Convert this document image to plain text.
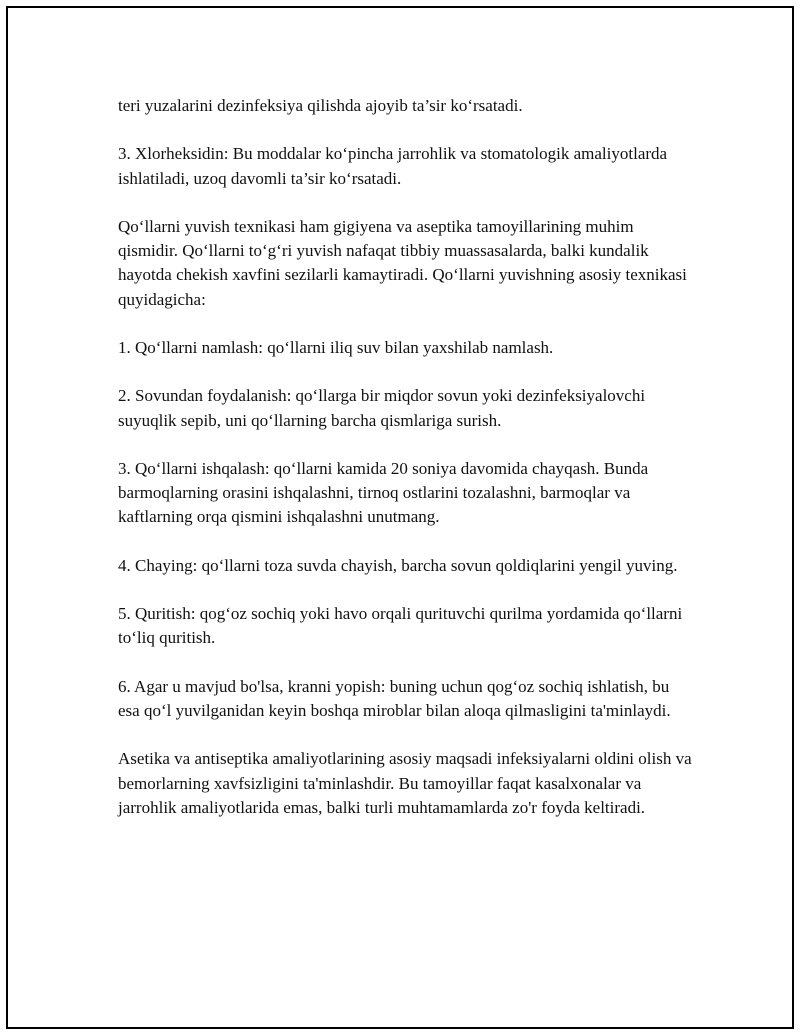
teri yuzalarini dezinfeksiya qilishda ajoyib ta’sir ko‘rsatadi.

3. Xlorheksidin: Bu moddalar ko‘pincha jarrohlik va stomatologik amaliyotlarda ishlatiladi, uzoq davomli ta’sir ko‘rsatadi.

Qo‘llarni yuvish texnikasi ham gigiyena va aseptika tamoyillarining muhim qismidir. Qo‘llarni to‘g‘ri yuvish nafaqat tibbiy muassasalarda, balki kundalik hayotda chekish xavfini sezilarli kamaytiradi. Qo‘llarni yuvishning asosiy texnikasi quyidagicha:

1. Qo‘llarni namlash: qo‘llarni iliq suv bilan yaxshilab namlash.

2. Sovundan foydalanish: qo‘llarga bir miqdor sovun yoki dezinfeksiyalovchi suyuqlik sepib, uni qo‘llarning barcha qismlariga surish.

3. Qo‘llarni ishqalash: qo‘llarni kamida 20 soniya davomida chayqash. Bunda barmoqlarning orasini ishqalashni, tirnoq ostlarini tozalashni, barmoqlar va kaftlarning orqa qismini ishqalashni unutmang.

4. Chaying: qo‘llarni toza suvda chayish, barcha sovun qoldiqlarini yengil yuving.

5. Quritish: qog‘oz sochiq yoki havo orqali qurituvchi qurilma yordamida qo‘llarni to‘liq quritish.

6. Agar u mavjud bo'lsa, kranni yopish: buning uchun qog‘oz sochiq ishlatish, bu esa qo‘l yuvilganidan keyin boshqa miroblar bilan aloqa qilmasligini ta'minlaydi.

Asetika va antiseptika amaliyotlarining asosiy maqsadi infeksiyalarni oldini olish va bemorlarning xavfsizligini ta'minlashdir. Bu tamoyillar faqat kasalxonalar va jarrohlik amaliyotlarida emas, balki turli muhtamamlarda zo'r foyda keltiradi.
